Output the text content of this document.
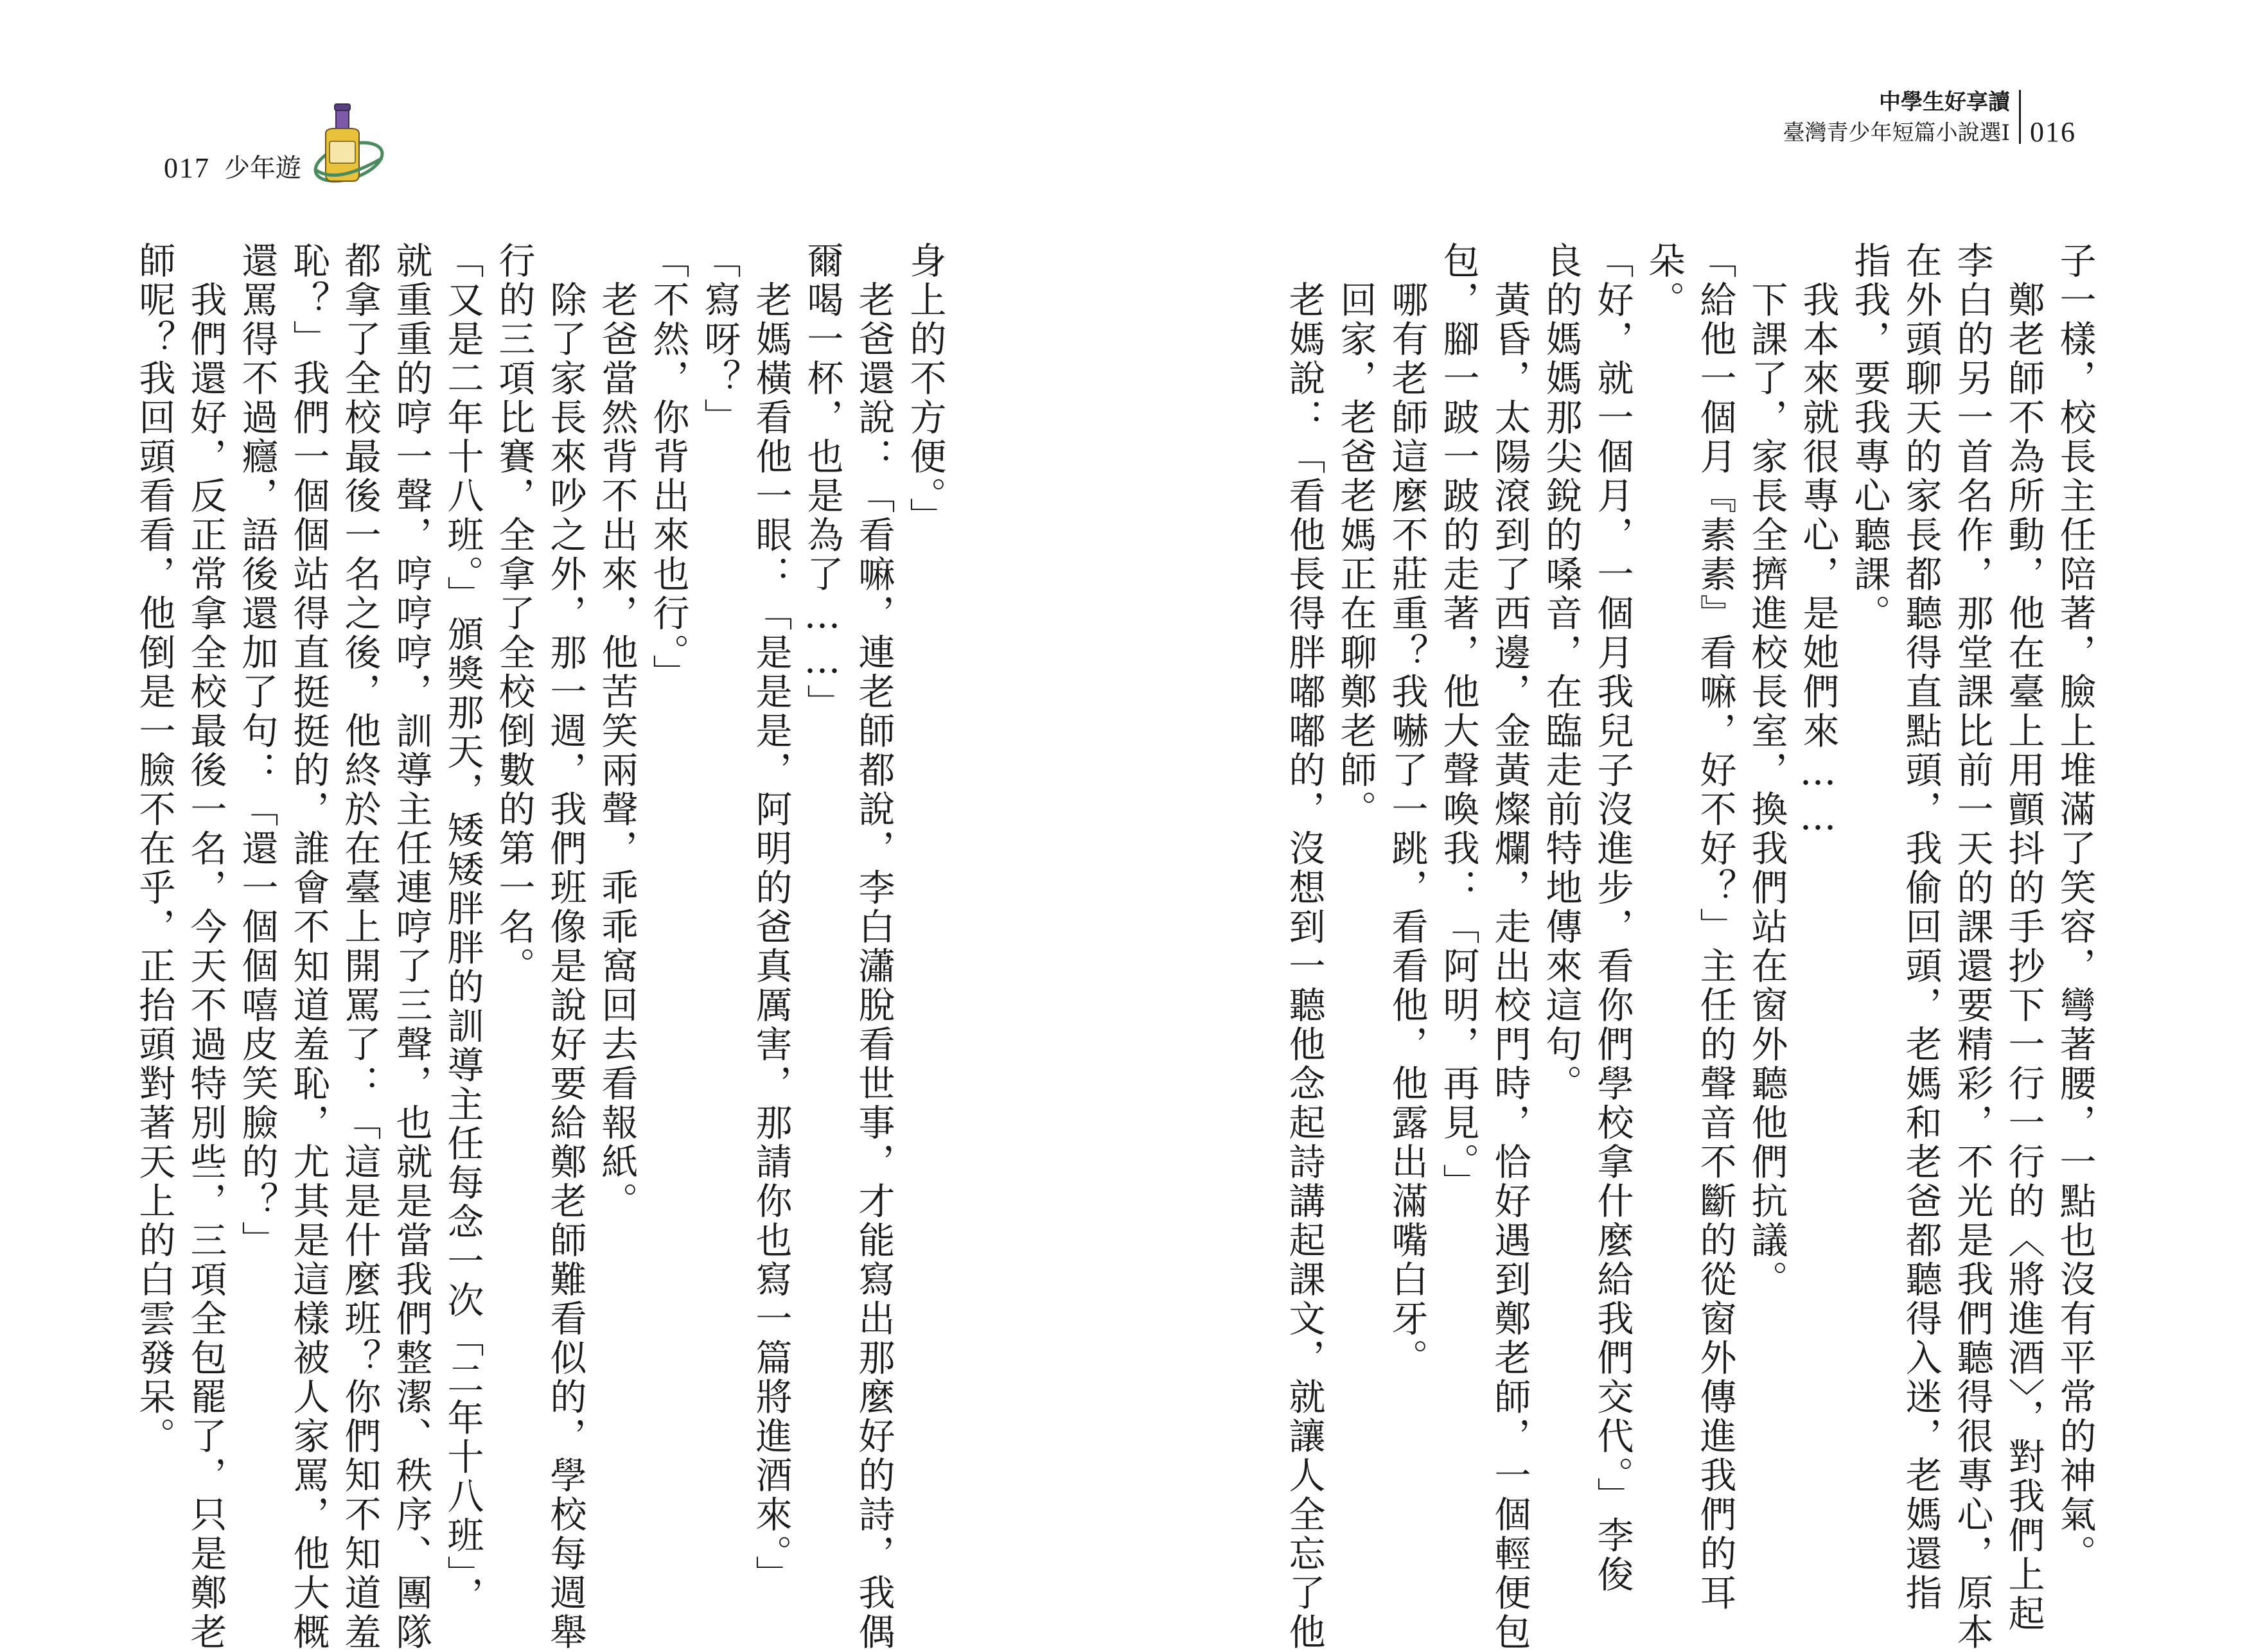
017 少年遊
中學生好享讀
臺灣青少年短篇小說選Ⅰ 016

子一樣，校長主任陪著，臉上堆滿了笑容，彎著腰，一點也沒有平常的神氣。

　鄭老師不為所動，他在臺上用顫抖的手抄下一行一行的〈將進酒〉，對我們上起

李白的另一首名作，那堂課比前一天的課還要精彩，不光是我們聽得很專心，原本

在外頭聊天的家長都聽得直點頭，我偷回頭，老媽和老爸都聽得入迷，老媽還指

指我，要我專心聽課。

　我本來就很專心，是她們來……

　下課了，家長全擠進校長室，換我們站在窗外聽他們抗議。

「給他一個月『素素』看嘛，好不好？」主任的聲音不斷的從窗外傳進我們的耳

朵。

「好，就一個月，一個月我兒子沒進步，看你們學校拿什麼給我們交代。」李俊

良的媽媽那尖銳的嗓音，在臨走前特地傳來這句。

　黃昏，太陽滾到了西邊，金黃燦爛，走出校門時，恰好遇到鄭老師，一個輕便包

包，腳一跛一跛的走著，他大聲喚我：「阿明，再見。」

　哪有老師這麼不莊重？我嚇了一跳，看看他，他露出滿嘴白牙。

　回家，老爸老媽正在聊鄭老師。

　老媽說：「看他長得胖嘟嘟的，沒想到一聽他念起詩講起課文，就讓人全忘了他

身上的不方便。」

　老爸還說：「看嘛，連老師都說，李白瀟脫看世事，才能寫出那麼好的詩，我偶

爾喝一杯，也是為了……」

　老媽橫看他一眼：「是是是，阿明的爸真厲害，那請你也寫一篇將進酒來。」

「寫呀？」

「不然，你背出來也行。」

　老爸當然背不出來，他苦笑兩聲，乖乖窩回去看報紙。

　除了家長來吵之外，那一週，我們班像是說好要給鄭老師難看似的，學校每週舉

行的三項比賽，全拿了全校倒數的第一名。

「又是二年十八班。」頒獎那天，矮矮胖胖的訓導主任每念一次「二年十八班」，

就重重的哼一聲，哼哼哼，訓導主任連哼了三聲，也就是當我們整潔、秩序、團隊

都拿了全校最後一名之後，他終於在臺上開罵了：「這是什麼班？你們知不知道羞

恥？」我們一個個站得直挺挺的，誰會不知道羞恥，尤其是這樣被人家罵，他大概

還罵得不過癮，語後還加了句：「還一個個嘻皮笑臉的？」

　我們還好，反正常拿全校最後一名，今天不過特別些，三項全包罷了，只是鄭老

師呢？我回頭看看，他倒是一臉不在乎，正抬頭對著天上的白雲發呆。
